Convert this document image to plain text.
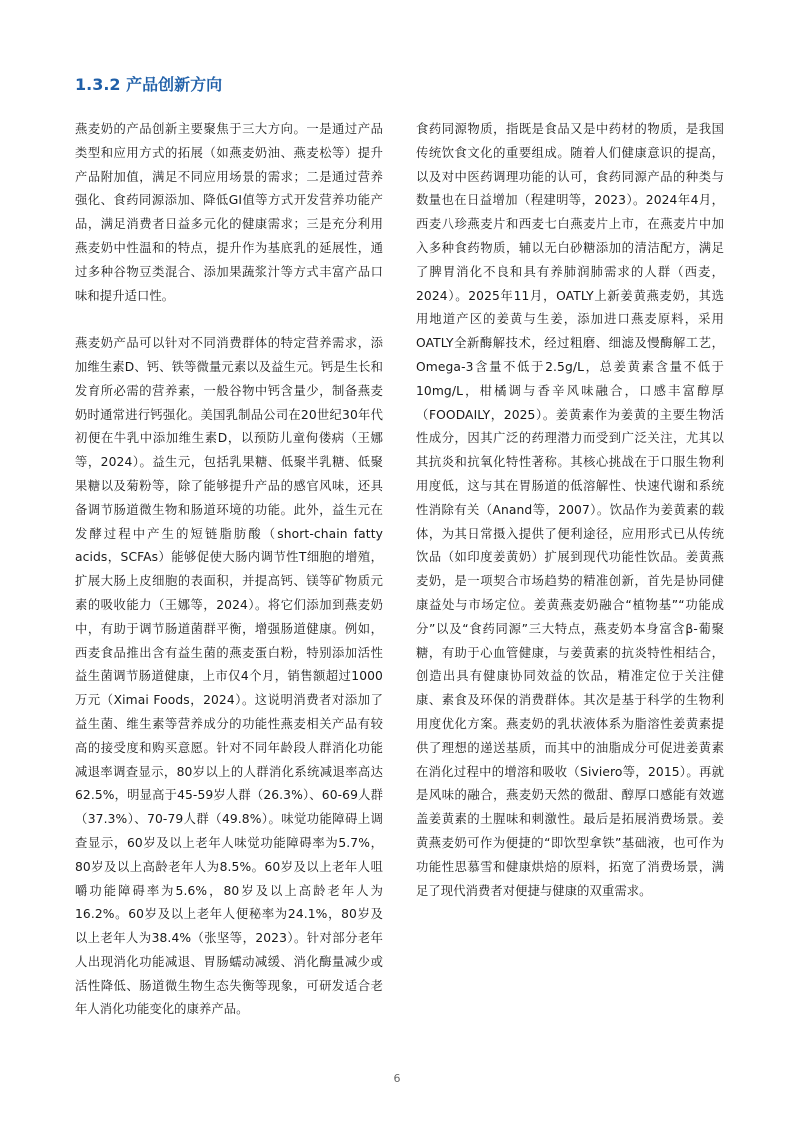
1.3.2 产品创新方向

燕麦奶的产品创新主要聚焦于三大方向。一是通过产品类型和应用方式的拓展（如燕麦奶油、燕麦松等）提升产品附加值，满足不同应用场景的需求；二是通过营养强化、食药同源添加、降低GI值等方式开发营养功能产品，满足消费者日益多元化的健康需求；三是充分利用燕麦奶中性温和的特点，提升作为基底乳的延展性，通过多种谷物豆类混合、添加果蔬浆汁等方式丰富产品口味和提升适口性。

燕麦奶产品可以针对不同消费群体的特定营养需求，添加维生素D、钙、铁等微量元素以及益生元。钙是生长和发育所必需的营养素，一般谷物中钙含量少，制备燕麦奶时通常进行钙强化。美国乳制品公司在20世纪30年代初便在牛乳中添加维生素D，以预防儿童佝偻病（王娜等，2024）。益生元，包括乳果糖、低聚半乳糖、低聚果糖以及菊粉等，除了能够提升产品的感官风味，还具备调节肠道微生物和肠道环境的功能。此外，益生元在发酵过程中产生的短链脂肪酸（short-chain fatty acids，SCFAs）能够促使大肠内调节性T细胞的增殖，扩展大肠上皮细胞的表面积，并提高钙、镁等矿物质元素的吸收能力（王娜等，2024）。将它们添加到燕麦奶中，有助于调节肠道菌群平衡，增强肠道健康。例如，西麦食品推出含有益生菌的燕麦蛋白粉，特别添加活性益生菌调节肠道健康，上市仅4个月，销售额超过1000万元（Ximai Foods，2024）。这说明消费者对添加了益生菌、维生素等营养成分的功能性燕麦相关产品有较高的接受度和购买意愿。针对不同年龄段人群消化功能减退率调查显示，80岁以上的人群消化系统减退率高达62.5%，明显高于45-59岁人群（26.3%）、60-69人群（37.3%）、70-79人群（49.8%）。味觉功能障碍上调查显示，60岁及以上老年人味觉功能障碍率为5.7%，80岁及以上高龄老年人为8.5%。60岁及以上老年人咀嚼功能障碍率为5.6%，80岁及以上高龄老年人为16.2%。60岁及以上老年人便秘率为24.1%，80岁及以上老年人为38.4%（张坚等，2023）。针对部分老年人出现消化功能减退、胃肠蠕动减缓、消化酶量减少或活性降低、肠道微生物生态失衡等现象，可研发适合老年人消化功能变化的康养产品。

食药同源物质，指既是食品又是中药材的物质，是我国传统饮食文化的重要组成。随着人们健康意识的提高，以及对中医药调理功能的认可，食药同源产品的种类与数量也在日益增加（程建明等，2023）。2024年4月，西麦八珍燕麦片和西麦七白燕麦片上市，在燕麦片中加入多种食药物质，辅以无白砂糖添加的清洁配方，满足了脾胃消化不良和具有养肺润肺需求的人群（西麦，2024）。2025年11月，OATLY上新姜黄燕麦奶，其选用地道产区的姜黄与生姜，添加进口燕麦原料，采用OATLY全新酶解技术，经过粗磨、细滤及慢酶解工艺，Omega-3含量不低于2.5g/L，总姜黄素含量不低于10mg/L，柑橘调与香辛风味融合，口感丰富醇厚（FOODAILY，2025）。姜黄素作为姜黄的主要生物活性成分，因其广泛的药理潜力而受到广泛关注，尤其以其抗炎和抗氧化特性著称。其核心挑战在于口服生物利用度低，这与其在胃肠道的低溶解性、快速代谢和系统性消除有关（Anand等，2007）。饮品作为姜黄素的载体，为其日常摄入提供了便利途径，应用形式已从传统饮品（如印度姜黄奶）扩展到现代功能性饮品。姜黄燕麦奶，是一项契合市场趋势的精准创新，首先是协同健康益处与市场定位。姜黄燕麦奶融合“植物基”“功能成分”以及“食药同源”三大特点，燕麦奶本身富含β-葡聚糖，有助于心血管健康，与姜黄素的抗炎特性相结合，创造出具有健康协同效益的饮品，精准定位于关注健康、素食及环保的消费群体。其次是基于科学的生物利用度优化方案。燕麦奶的乳状液体系为脂溶性姜黄素提供了理想的递送基质，而其中的油脂成分可促进姜黄素在消化过程中的增溶和吸收（Siviero等，2015）。再就是风味的融合，燕麦奶天然的微甜、醇厚口感能有效遮盖姜黄素的土腥味和刺激性。最后是拓展消费场景。姜黄燕麦奶可作为便捷的“即饮型拿铁”基础液，也可作为功能性思慕雪和健康烘焙的原料，拓宽了消费场景，满足了现代消费者对便捷与健康的双重需求。

6
